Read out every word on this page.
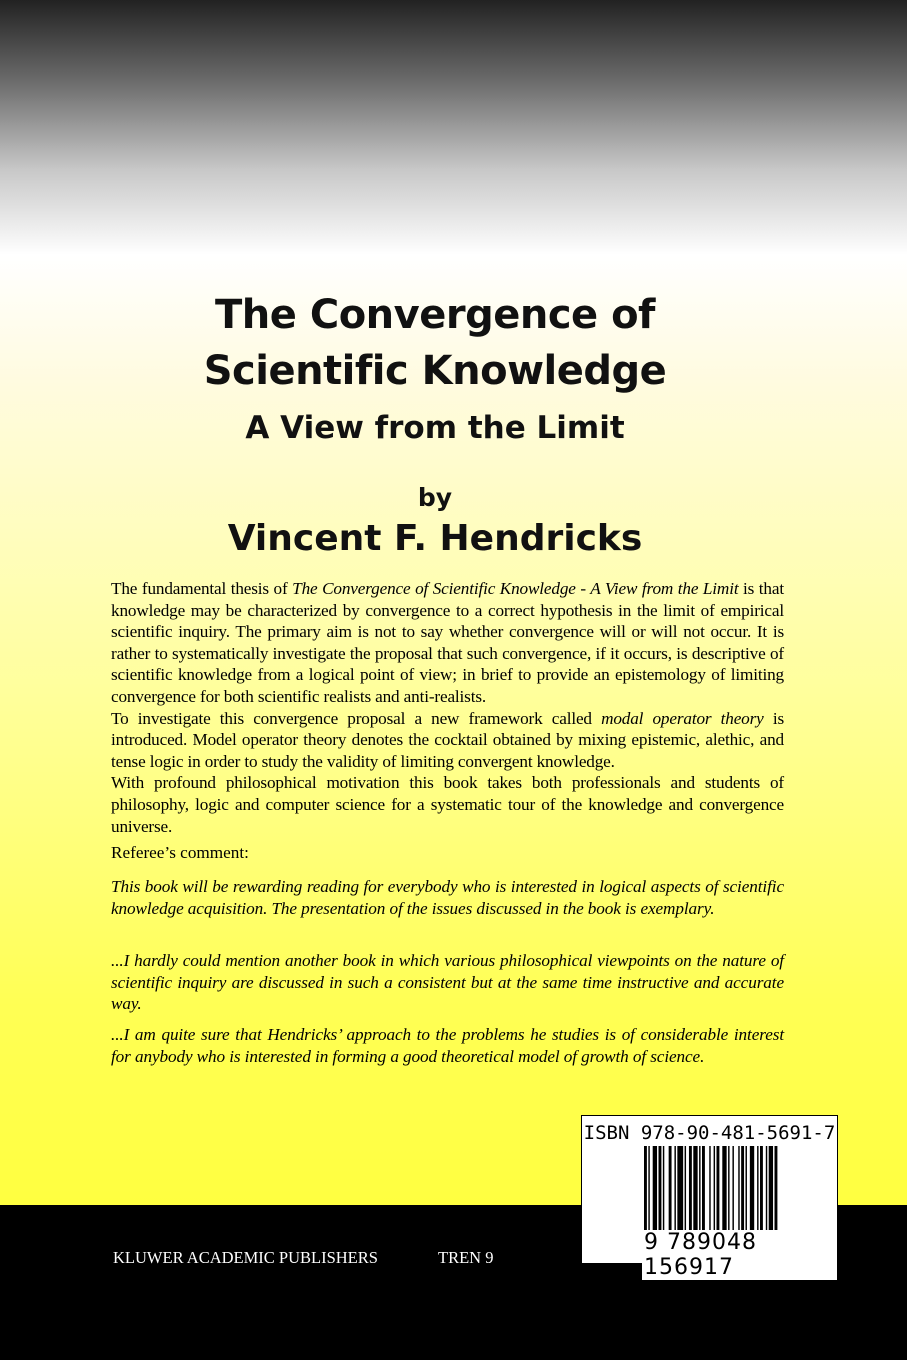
The Convergence of
Scientific Knowledge
A View from the Limit
by
Vincent F. Hendricks

The fundamental thesis of The Convergence of Scientific Knowledge - A View from the Limit is that knowledge may be characterized by convergence to a correct hypothesis in the limit of empirical scientific inquiry. The primary aim is not to say whether convergence will or will not occur. It is rather to systematically investigate the proposal that such convergence, if it occurs, is descriptive of scientific knowledge from a logical point of view; in brief to provide an epistemology of limiting convergence for both scientific realists and anti-realists.

To investigate this convergence proposal a new framework called modal operator theory is introduced. Model operator theory denotes the cocktail obtained by mixing epistemic, alethic, and tense logic in order to study the validity of limiting convergent knowledge.

With profound philosophical motivation this book takes both professionals and students of philosophy, logic and computer science for a systematic tour of the knowledge and convergence universe.

Referee’s comment:
This book will be rewarding reading for everybody who is interested in logical aspects of scientific knowledge acquisition. The presentation of the issues discussed in the book is exemplary.
...I hardly could mention another book in which various philosophical viewpoints on the nature of scientific inquiry are discussed in such a consistent but at the same time instructive and accurate way.
...I am quite sure that Hendricks’ approach to the problems he studies is of considerable interest for anybody who is interested in forming a good theoretical model of growth of science.
KLUWER ACADEMIC PUBLISHERS	TREN 9
ISBN 978-90-481-5691-7
9 789048 156917
